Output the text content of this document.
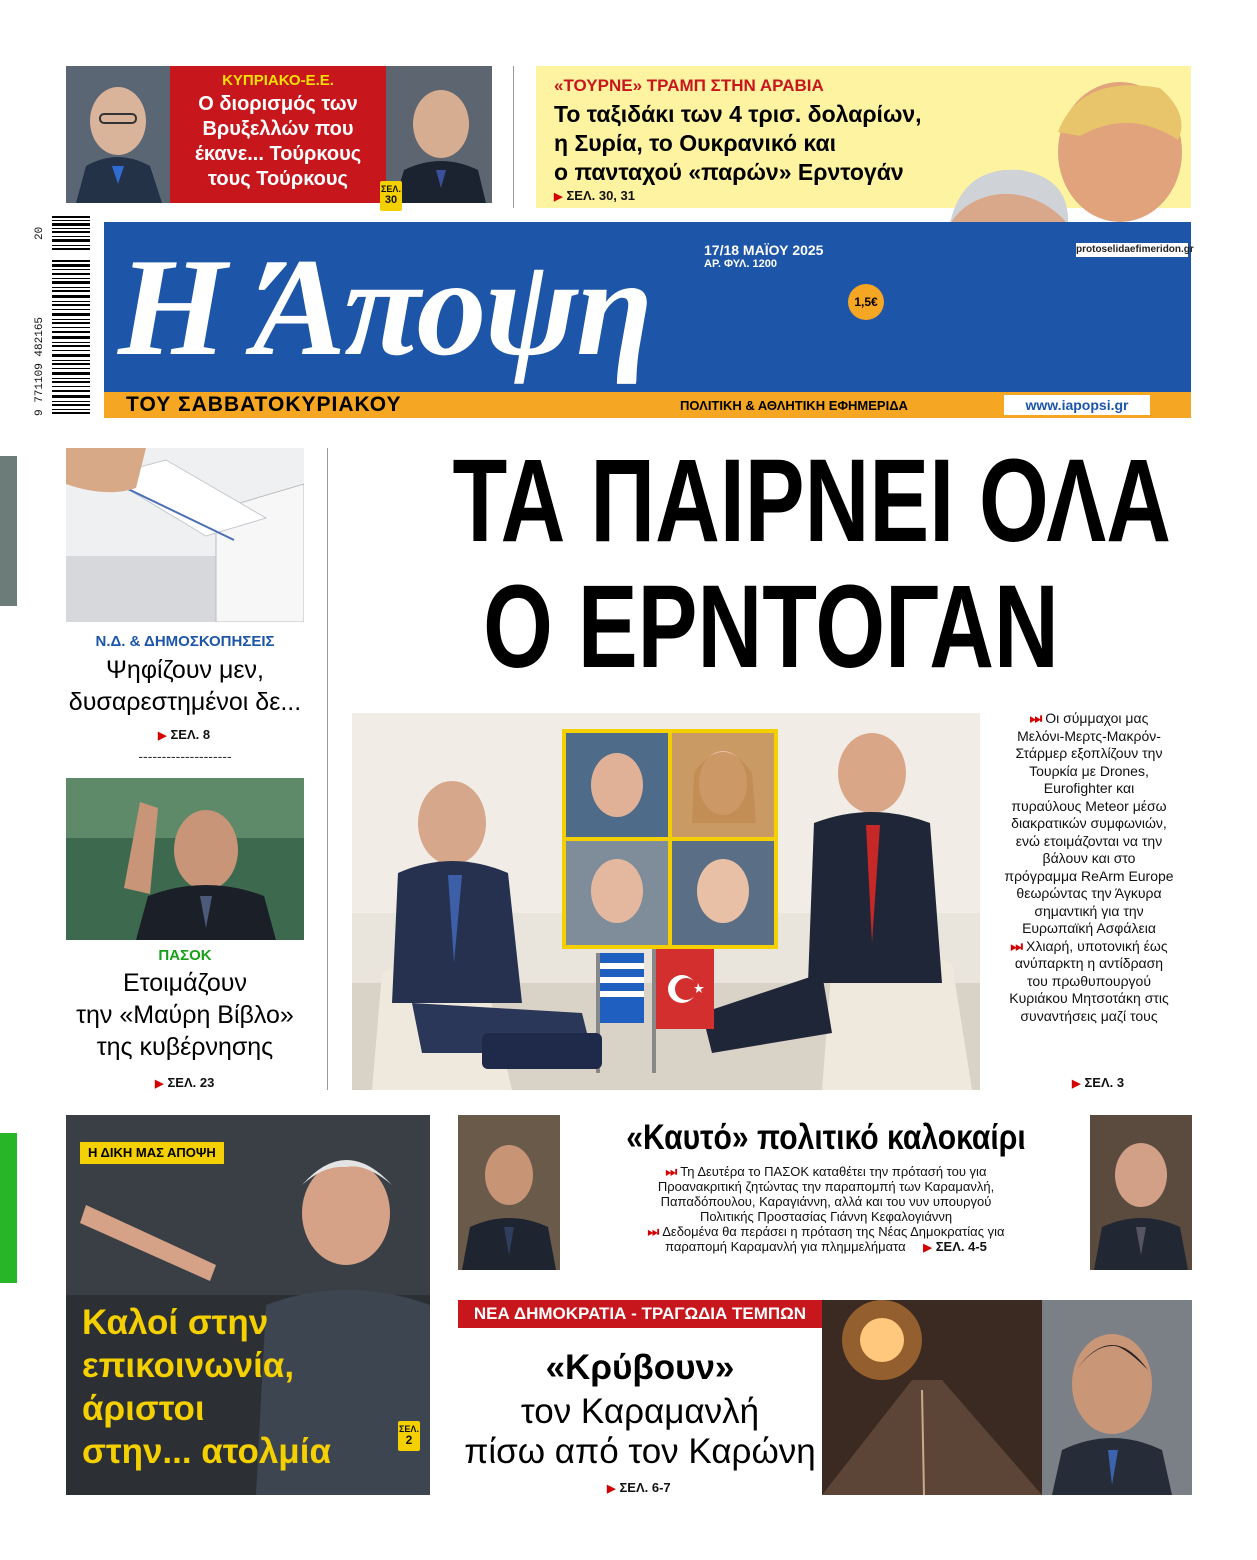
ΚΥΠΡΙΑΚΟ-Ε.Ε.
Ο διορισμός των
Βρυξελλών που
έκανε... Τούρκους
τους Τούρκους	ΣΕΛ.
30
«ΤΟΥΡΝΕ» ΤΡΑΜΠ ΣΤΗΝ ΑΡΑΒΙΑ
Το ταξιδάκι των 4 τρισ. δολαρίων,
η Συρία, το Ουκρανικό και
ο πανταχού «παρών» Ερντογάν
▶ ΣΕΛ. 30, 31
20
9 771109 482165 Η Άποψη	17/18 ΜΑΪΟΥ 2025
ΑΡ. ΦΥΛ. 1200
1,5€
protoselidaefimeridon.gr
ΤΟΥ ΣΑΒΒΑΤΟΚΥΡΙΑΚΟΥ	ΠΟΛΙΤΙΚΗ & ΑΘΛΗΤΙΚΗ ΕΦΗΜΕΡΙΔΑ	www.iapopsi.gr
Ν.Δ. & ΔΗΜΟΣΚΟΠΗΣΕΙΣ
Ψηφίζουν μεν,
δυσαρεστημένοι δε...
▶ ΣΕΛ. 8
--------------------
ΠΑΣΟΚ
Ετοιμάζουν
την «Μαύρη Βίβλο»
της κυβέρνησης
▶ ΣΕΛ. 23
ΤΑ ΠΑΙΡΝΕΙ ΟΛΑ
Ο ΕΡΝΤΟΓΑΝ
⏭ Οι σύμμαχοι μας
Μελόνι-Μερτς-Μακρόν-
Στάρμερ εξοπλίζουν την
Τουρκία με Drones,
Eurofighter και
πυραύλους Meteor μέσω
διακρατικών συμφωνιών,
ενώ ετοιμάζονται να την
βάλουν και στο
πρόγραμμα ReArm Europe
θεωρώντας την Άγκυρα
σημαντική για την
Ευρωπαϊκή Ασφάλεια
⏭ Χλιαρή, υποτονική έως
ανύπαρκτη η αντίδραση
του πρωθυπουργού
Κυριάκου Μητσοτάκη στις
συναντήσεις μαζί τους
▶ ΣΕΛ. 3
Η ΔΙΚΗ ΜΑΣ ΑΠΟΨΗ
Καλοί στην
επικοινωνία,
άριστοι
στην... ατολμία
ΣΕΛ.
2
«Καυτό» πολιτικό καλοκαίρι
⏭ Τη Δευτέρα το ΠΑΣΟΚ καταθέτει την πρότασή του για
Προανακριτική ζητώντας την παραπομπή των Καραμανλή,
Παπαδόπουλου, Καραγιάννη, αλλά και του νυν υπουργού
Πολιτικής Προστασίας Γιάννη Κεφαλογιάννη
⏭ Δεδομένα θα περάσει η πρόταση της Νέας Δημοκρατίας για
παραπομή Καραμανλή για πλημμελήματα ▶ ΣΕΛ. 4-5
ΝΕΑ ΔΗΜΟΚΡΑΤΙΑ - ΤΡΑΓΩΔΙΑ ΤΕΜΠΩΝ
«Κρύβουν»
τον Καραμανλή
πίσω από τον Καρώνη
▶ ΣΕΛ. 6-7
